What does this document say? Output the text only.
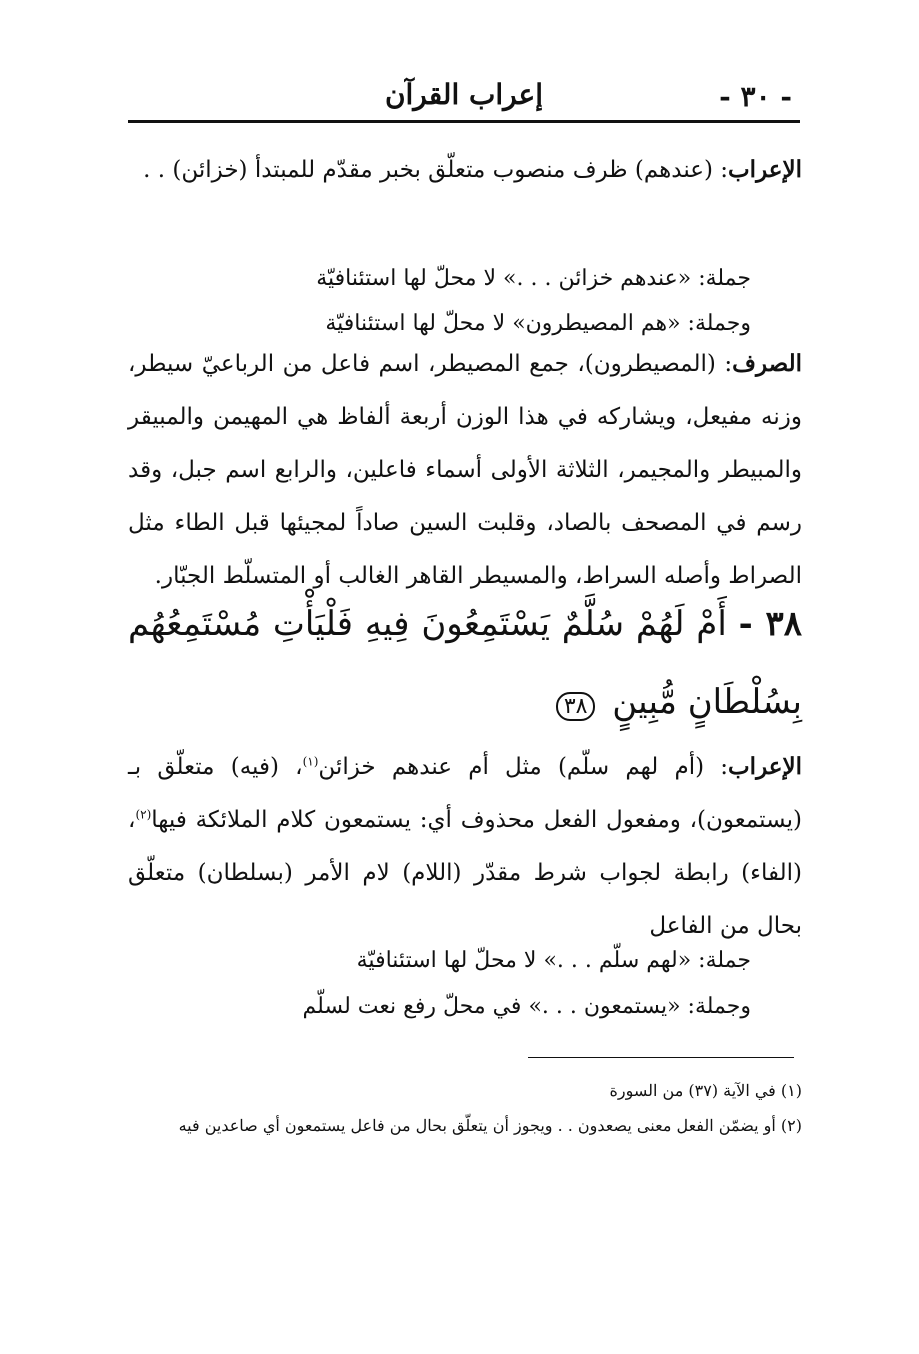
- ٣٠ -
إعراب القرآن
الإعراب: (عندهم) ظرف منصوب متعلّق بخبر مقدّم للمبتدأ (خزائن) . .
جملة: «عندهم خزائن . . .» لا محلّ لها استئنافيّة
وجملة: «هم المصيطرون» لا محلّ لها استئنافيّة
الصرف: (المصيطرون)، جمع المصيطر، اسم فاعل من الرباعيّ سيطر، وزنه مفيعل، ويشاركه في هذا الوزن أربعة ألفاظ هي المهيمن والمبيقر والمبيطر والمجيمر، الثلاثة الأولى أسماء فاعلين، والرابع اسم جبل، وقد رسم في المصحف بالصاد، وقلبت السين صاداً لمجيئها قبل الطاء مثل الصراط وأصله السراط، والمسيطر القاهر الغالب أو المتسلّط الجبّار.
٣٨ - أَمْ لَهُمْ سُلَّمٌ يَسْتَمِعُونَ فِيهِ فَلْيَأْتِ مُسْتَمِعُهُم بِسُلْطَانٍ مُّبِينٍ ٣٨
الإعراب: (أم لهم سلّم) مثل أم عندهم خزائن$^{(١)}$، (فيه) متعلّق بـ (يستمعون)، ومفعول الفعل محذوف أي: يستمعون كلام الملائكة فيها$^{(٢)}$، (الفاء) رابطة لجواب شرط مقدّر (اللام) لام الأمر (بسلطان) متعلّق بحال من الفاعل
جملة: «لهم سلّم . . .» لا محلّ لها استئنافيّة
وجملة: «يستمعون . . .» في محلّ رفع نعت لسلّم
(١) في الآية (٣٧) من السورة
(٢) أو يضمّن الفعل معنى يصعدون . . ويجوز أن يتعلّق بحال من فاعل يستمعون أي صاعدين فيه
